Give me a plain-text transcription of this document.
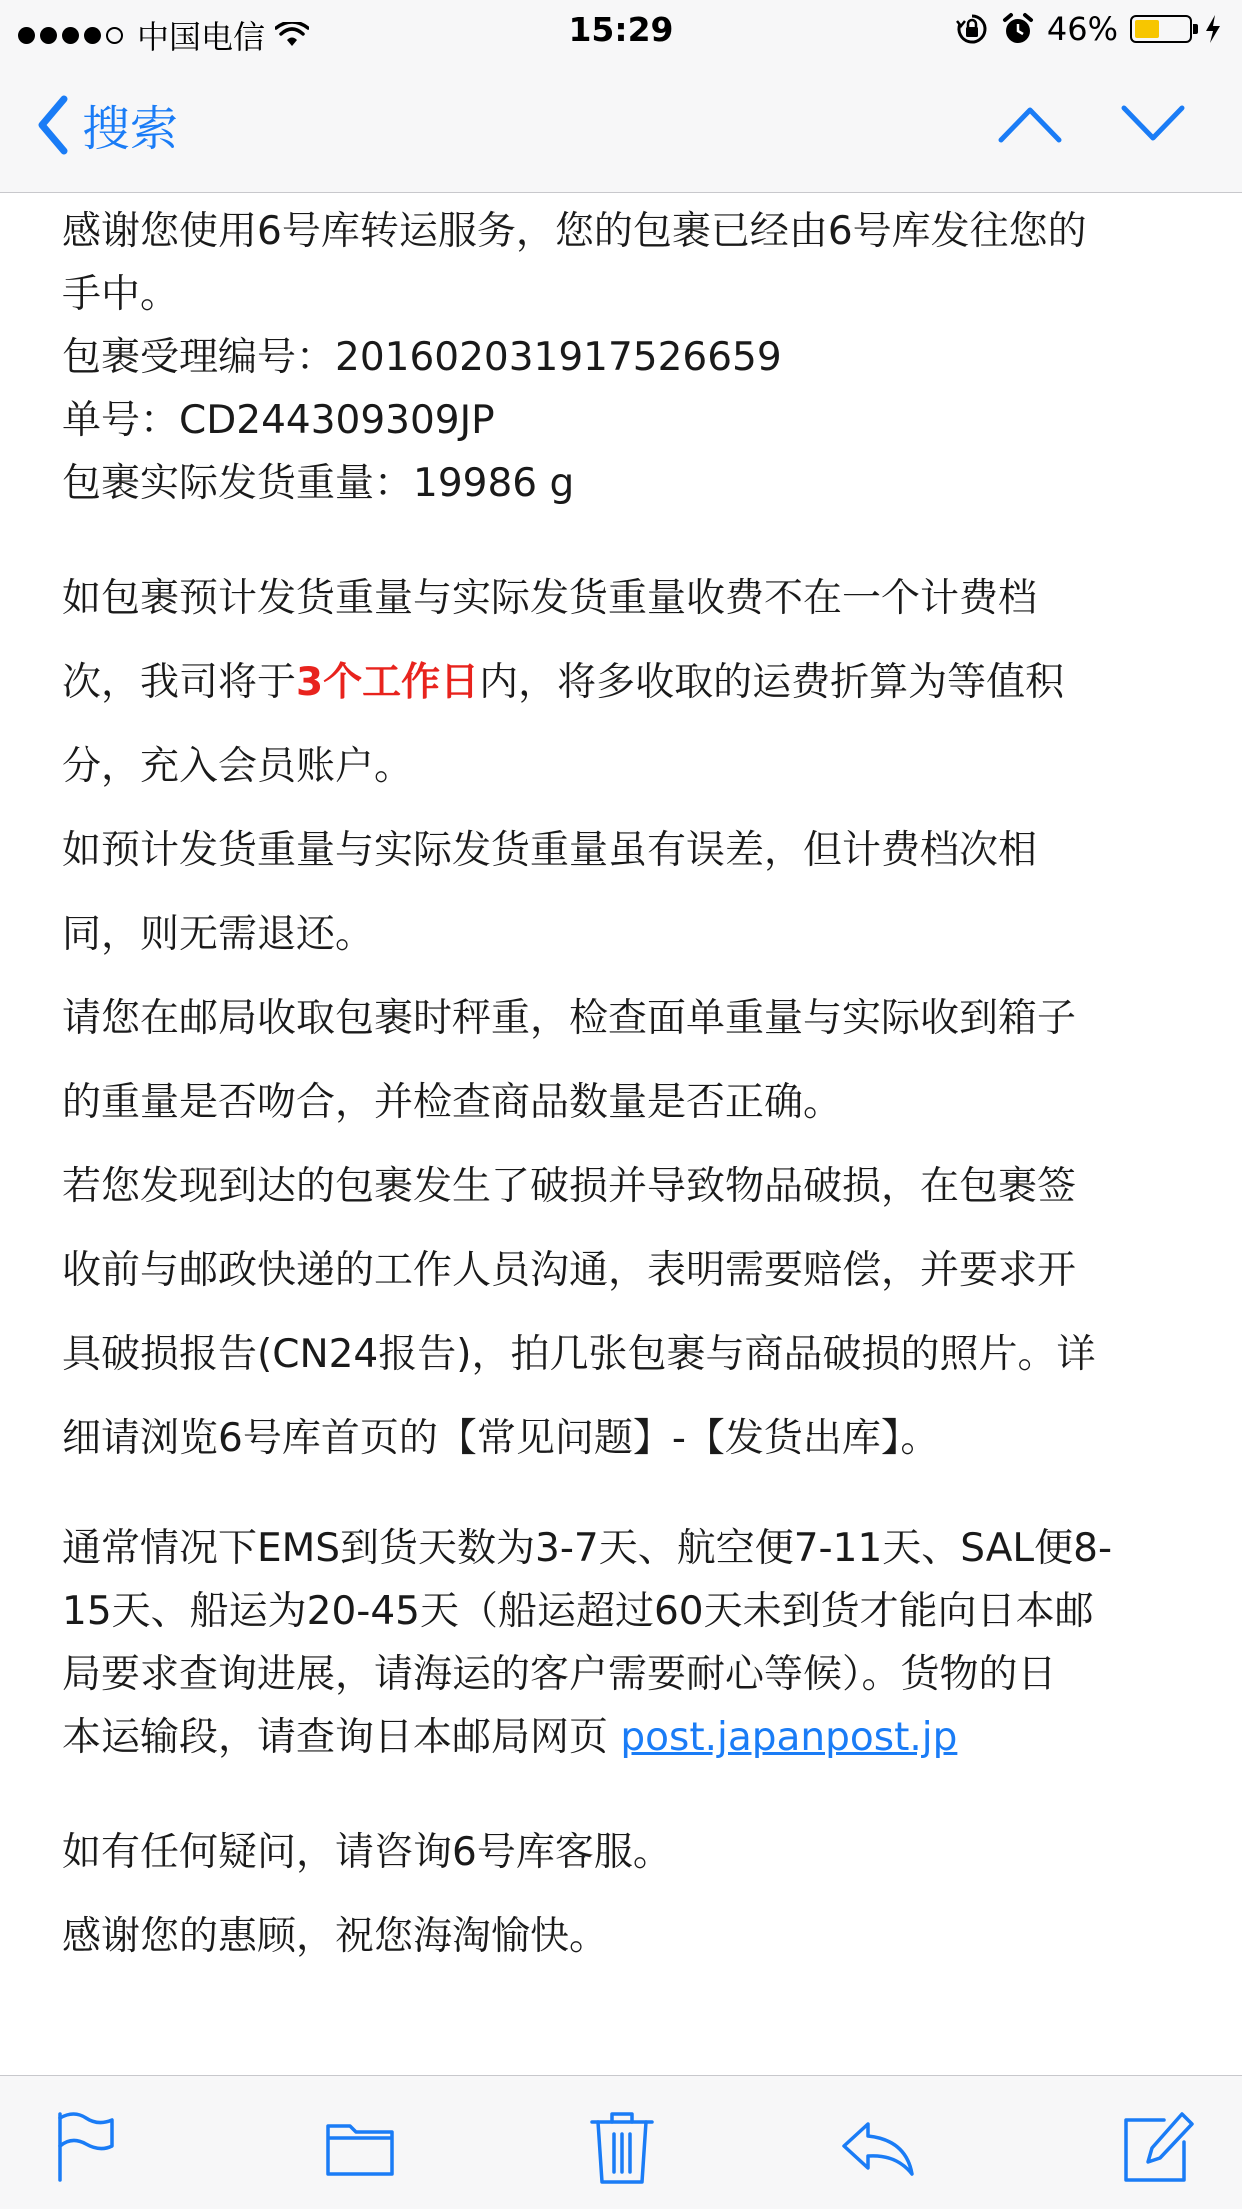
中国电信	15:29	46%
搜索
感谢您使用6号库转运服务，您的包裹已经由6号库发往您的
手中。
包裹受理编号：201602031917526659
单号：CD244309309JP
包裹实际发货重量：19986 g
如包裹预计发货重量与实际发货重量收费不在一个计费档
次，我司将于3个工作日内，将多收取的运费折算为等值积
分，充入会员账户。
如预计发货重量与实际发货重量虽有误差，但计费档次相
同，则无需退还。
请您在邮局收取包裹时秤重，检查面单重量与实际收到箱子
的重量是否吻合，并检查商品数量是否正确。
若您发现到达的包裹发生了破损并导致物品破损，在包裹签
收前与邮政快递的工作人员沟通，表明需要赔偿，并要求开
具破损报告(CN24报告)，拍几张包裹与商品破损的照片。详
细请浏览6号库首页的【常见问题】-【发货出库】。
通常情况下EMS到货天数为3-7天、航空便7-11天、SAL便8-
15天、船运为20-45天（船运超过60天未到货才能向日本邮
局要求查询进展，请海运的客户需要耐心等候）。货物的日
本运输段，请查询日本邮局网页 post.japanpost.jp
如有任何疑问，请咨询6号库客服。
感谢您的惠顾，祝您海淘愉快。
